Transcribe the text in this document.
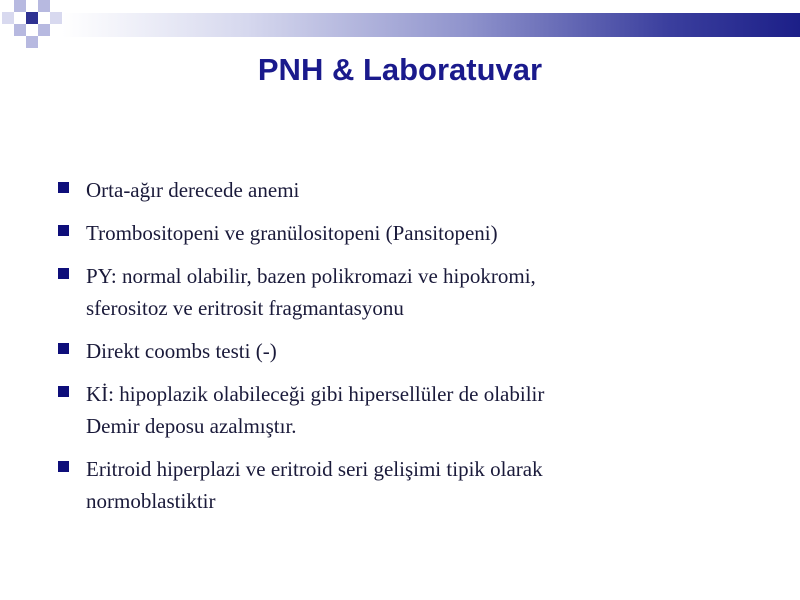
PNH & Laboratuvar
Orta-ağır derecede anemi
Trombositopeni ve granülositopeni (Pansitopeni)
PY: normal olabilir, bazen polikromazi ve hipokromi,
sferositoz ve eritrosit fragmantasyonu
Direkt coombs testi (-)
Kİ: hipoplazik olabileceği gibi hipersellüler de olabilir
Demir deposu azalmıştır.
Eritroid hiperplazi ve eritroid seri gelişimi tipik olarak
normoblastiktir
